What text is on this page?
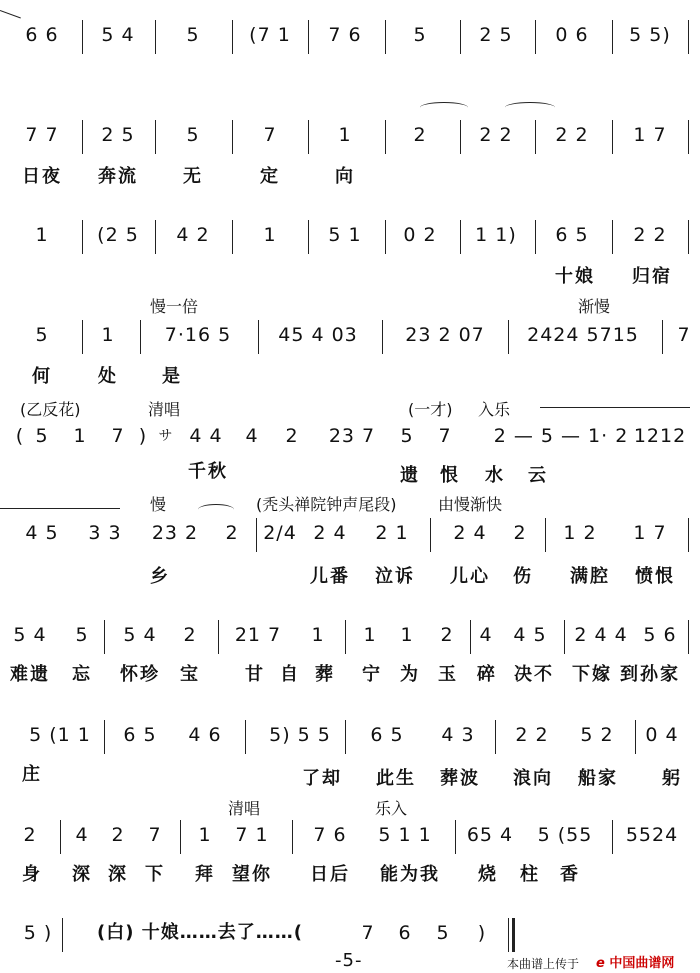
6 6 5 4	5	(7 1 7 6	5	2 5 0 6 5 5)
7 7 2 5	5	7	1	2	2 2 2 2 1 7
日夜 奔流	无	定	向
1	(2 5 4 2	1	5 1 0 2 1 1) 6 5 2 2
十娘 归宿
慢一倍	渐慢
5	1	7·16 5 45 4 03 23 2 07 2424 5715 7
何	处 是
(乙反花)	清唱	(一才) 入乐
( 5 1 7 ) サ 4 4 4 2 23 7 5 7 2 — 5 — 1· 2 1212
千秋	遗 恨 水 云
慢	(秃头禅院钟声尾段)	由慢渐快
4 5 3 3 23 2 2 2/4 2 4 2 1 2 4 2 1 2 1 7
乡	儿番 泣诉 儿心 伤 满腔 愤恨
5 4 5 5 4 2 21 7 1 1 1 2 4 4 5 2 4 4 5 6
难遗 忘 怀珍 宝	甘 自 葬 宁 为 玉 碎 决不 下嫁 到孙家
5 (1 1 6 5 4 6	5) 5 5 6 5 4 3 2 2 5 2 0 4
庄	了却 此生 葬波 浪向 船家 躬
清唱	乐入
2 4 2 7 1 7 1 7 6 5 1 1 65 4 5 (55 5524
身 深 深 下 拜 望你 日后 能为我 烧 柱 香
5 ) (白) 十娘……去了……(	7 6 5 )
-5-	本曲谱上传于 e 中国曲谱网
